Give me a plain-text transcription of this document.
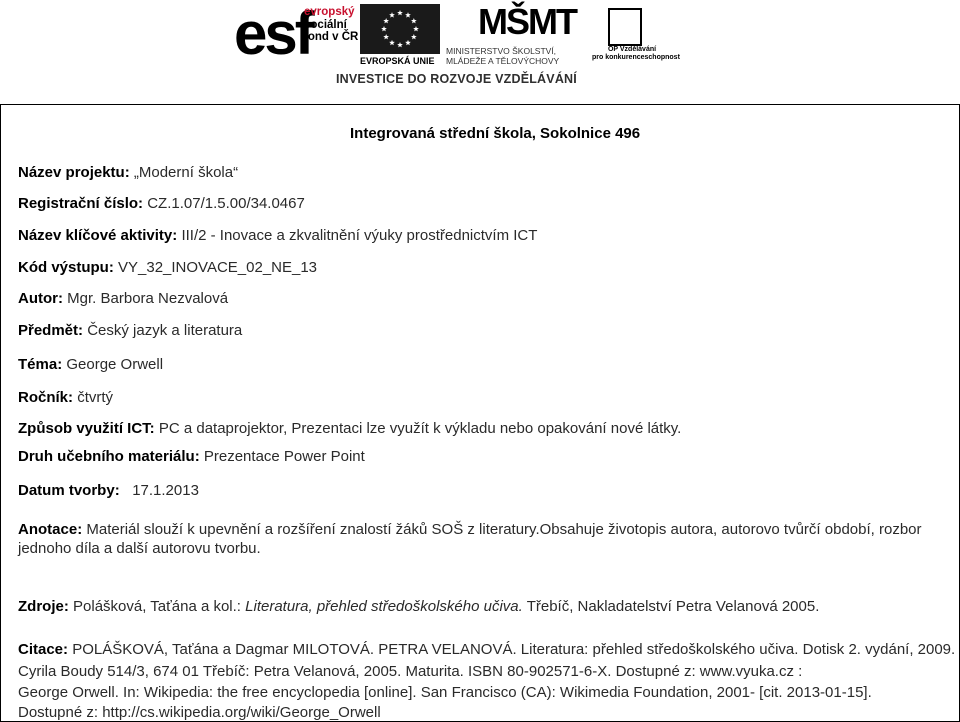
esf
evropský
sociální
fond v ČR
EVROPSKÁ UNIE
MŠMT
MINISTERSTVO ŠKOLSTVÍ,
MLÁDEŽE A TĚLOVÝCHOVY
OP Vzdělávání
pro konkurenceschopnost
INVESTICE DO ROZVOJE VZDĚLÁVÁNÍ
Integrovaná střední škola, Sokolnice 496
Název projektu: „Moderní škola“
Registrační číslo: CZ.1.07/1.5.00/34.0467
Název klíčové aktivity: III/2 - Inovace a zkvalitnění výuky prostřednictvím ICT
Kód výstupu: VY_32_INOVACE_02_NE_13
Autor: Mgr. Barbora Nezvalová
Předmět: Český jazyk a literatura
Téma: George Orwell
Ročník: čtvrtý
Způsob využití ICT: PC a dataprojektor, Prezentaci lze využít k výkladu nebo opakování nové látky.
Druh učebního materiálu: Prezentace Power Point
Datum tvorby:   17.1.2013
Anotace: Materiál slouží k upevnění a rozšíření znalostí žáků SOŠ z literatury.Obsahuje životopis autora, autorovo tvůrčí období, rozbor jednoho díla a další autorovu tvorbu.
Zdroje: Polášková, Taťána a kol.: Literatura, přehled středoškolského učiva. Třebíč, Nakladatelství Petra Velanová 2005.
Citace: POLÁŠKOVÁ, Taťána a Dagmar MILOTOVÁ. PETRA VELANOVÁ. Literatura: přehled středoškolského učiva. Dotisk 2. vydání, 2009.
Cyrila Boudy 514/3, 674 01 Třebíč: Petra Velanová, 2005. Maturita. ISBN 80-902571-6-X. Dostupné z: www.vyuka.cz :
George Orwell. In: Wikipedia: the free encyclopedia [online]. San Francisco (CA): Wikimedia Foundation, 2001- [cit. 2013-01-15].
Dostupné z: http://cs.wikipedia.org/wiki/George_Orwell
